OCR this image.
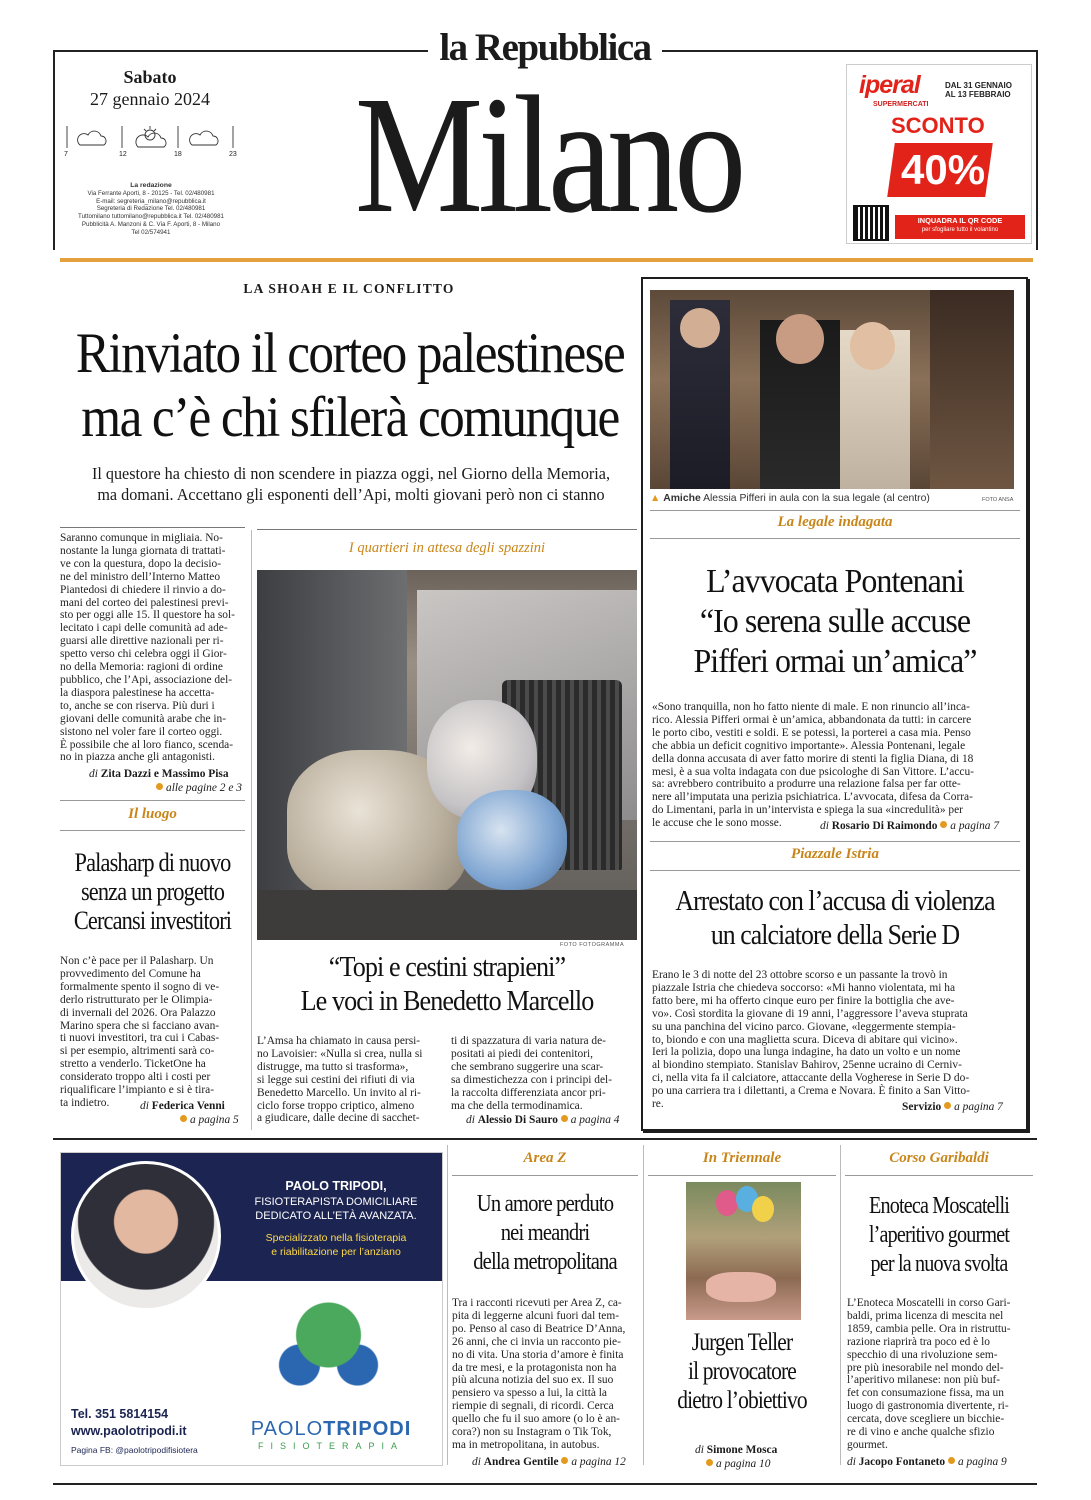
la Repubblica
Milano
Sabato
27 gennaio 2024
7	12	18	23
La redazione
Via Ferrante Aporti, 8 - 20125 - Tel. 02/480981
E-mail: segreteria_milano@repubblica.it
Segreteria di Redazione Tel. 02/480981
Tuttomilano tuttomilano@repubblica.it Tel. 02/480981
Pubblicità A. Manzoni & C. Via F. Aporti, 8 - Milano
Tel 02/574941
iperal
SUPERMERCATI
DAL 31 GENNAIO
AL 13 FEBBRAIO
SCONTO
40%
INQUADRA IL QR CODE
per sfogliare tutto il volantino
LA SHOAH E IL CONFLITTO
Rinviato il corteo palestinese
ma c’è chi sfilerà comunque
Il questore ha chiesto di non scendere in piazza oggi, nel Giorno della Memoria,
ma domani. Accettano gli esponenti dell’Api, molti giovani però non ci stanno
Saranno comunque in migliaia. No-
nostante la lunga giornata di trattati-
ve con la questura, dopo la decisio-
ne del ministro dell’Interno Matteo
Piantedosi di chiedere il rinvio a do-
mani del corteo dei palestinesi previ-
sto per oggi alle 15. Il questore ha sol-
lecitato i capi delle comunità ad ade-
guarsi alle direttive nazionali per ri-
spetto verso chi celebra oggi il Gior-
no della Memoria: ragioni di ordine
pubblico, che l’Api, associazione del-
la diaspora palestinese ha accetta-
to, anche se con riserva. Più duri i
giovani delle comunità arabe che in-
sistono nel voler fare il corteo oggi.
È possibile che al loro fianco, scenda-
no in piazza anche gli antagonisti.
di Zita Dazzi e Massimo Pisa
alle pagine 2 e 3
Il luogo
Palasharp di nuovo
senza un progetto
Cercansi investitori
Non c’è pace per il Palasharp. Un
provvedimento del Comune ha
formalmente spento il sogno di ve-
derlo ristrutturato per le Olimpia-
di invernali del 2026. Ora Palazzo
Marino spera che si facciano avan-
ti nuovi investitori, tra cui i Cabas-
si per esempio, altrimenti sarà co-
stretto a venderlo. TicketOne ha
considerato troppo alti i costi per
riqualificare l’impianto e si è tira-
ta indietro.	di Federica Venni
a pagina 5
I quartieri in attesa degli spazzini
FOTO FOTOGRAMMA
“Topi e cestini strapieni”
Le voci in Benedetto Marcello
L’Amsa ha chiamato in causa persi-
no Lavoisier: «Nulla si crea, nulla si
distrugge, ma tutto si trasforma»,
si legge sui cestini dei rifiuti di via
Benedetto Marcello. Un invito al ri-
ciclo forse troppo criptico, almeno
a giudicare, dalle decine di sacchet-
ti di spazzatura di varia natura de-
positati ai piedi dei contenitori,
che sembrano suggerire una scar-
sa dimestichezza con i principi del-
la raccolta differenziata ancor pri-
ma che della termodinamica.
di Alessio Di Sauro a pagina 4
▲ Amiche Alessia Pifferi in aula con la sua legale (al centro)	FOTO ANSA
La legale indagata
L’avvocata Pontenani
“Io serena sulle accuse
Pifferi ormai un’amica”
«Sono tranquilla, non ho fatto niente di male. E non rinuncio all’inca-
rico. Alessia Pifferi ormai è un’amica, abbandonata da tutti: in carcere
le porto cibo, vestiti e soldi. E se potessi, la porterei a casa mia. Penso
che abbia un deficit cognitivo importante». Alessia Pontenani, legale
della donna accusata di aver fatto morire di stenti la figlia Diana, di 18
mesi, è a sua volta indagata con due psicologhe di San Vittore. L’accu-
sa: avrebbero contribuito a produrre una relazione falsa per far otte-
nere all’imputata una perizia psichiatrica. L’avvocata, difesa da Corra-
do Limentani, parla in un’intervista e spiega la sua «incredulità» per
le accuse che le sono mosse.	di Rosario Di Raimondo a pagina 7
Piazzale Istria
Arrestato con l’accusa di violenza
un calciatore della Serie D
Erano le 3 di notte del 23 ottobre scorso e un passante la trovò in
piazzale Istria che chiedeva soccorso: «Mi hanno violentata, mi ha
fatto bere, mi ha offerto cinque euro per finire la bottiglia che ave-
vo». Così stordita la giovane di 19 anni, l’aggressore l’aveva stuprata
su una panchina del vicino parco. Giovane, «leggermente stempia-
to, biondo e con una maglietta scura. Diceva di abitare qui vicino».
Ieri la polizia, dopo una lunga indagine, ha dato un volto e un nome
al biondino stempiato. Stanislav Bahirov, 25enne ucraino di Cerniv-
ci, nella vita fa il calciatore, attaccante della Vogherese in Serie D do-
po una carriera tra i dilettanti, a Crema e Novara. È finito a San Vitto-
re.	Servizio a pagina 7
PAOLO TRIPODI,
FISIOTERAPISTA DOMICILIARE
DEDICATO ALL’ETÀ AVANZATA.
Specializzato nella fisioterapia
e riabilitazione per l’anziano
PAOLOTRIPODI
FISIOTERAPIA
Tel. 351 5814154
www.paolotripodi.it
Pagina FB: @paolotripodifisiotera
Area Z
Un amore perduto
nei meandri
della metropolitana
Tra i racconti ricevuti per Area Z, ca-
pita di leggerne alcuni fuori dal tem-
po. Penso al caso di Beatrice D’Anna,
26 anni, che ci invia un racconto pie-
no di vita. Una storia d’amore è finita
da tre mesi, e la protagonista non ha
più alcuna notizia del suo ex. Il suo
pensiero va spesso a lui, la città la
riempie di segnali, di ricordi. Cerca
quello che fu il suo amore (o lo è an-
cora?) non su Instagram o Tik Tok,
ma in metropolitana, in autobus.
di Andrea Gentile a pagina 12
In Triennale
Jurgen Teller
il provocatore
dietro l’obiettivo
di Simone Mosca
a pagina 10
Corso Garibaldi
Enoteca Moscatelli
l’aperitivo gourmet
per la nuova svolta
L’Enoteca Moscatelli in corso Gari-
baldi, prima licenza di mescita nel
1859, cambia pelle. Ora in ristruttu-
razione riaprirà tra poco ed è lo
specchio di una rivoluzione sem-
pre più inesorabile nel mondo del-
l’aperitivo milanese: non più buf-
fet con consumazione fissa, ma un
luogo di gastronomia divertente, ri-
cercata, dove scegliere un bicchie-
re di vino e anche qualche sfizio
gourmet.
di Jacopo Fontaneto a pagina 9
